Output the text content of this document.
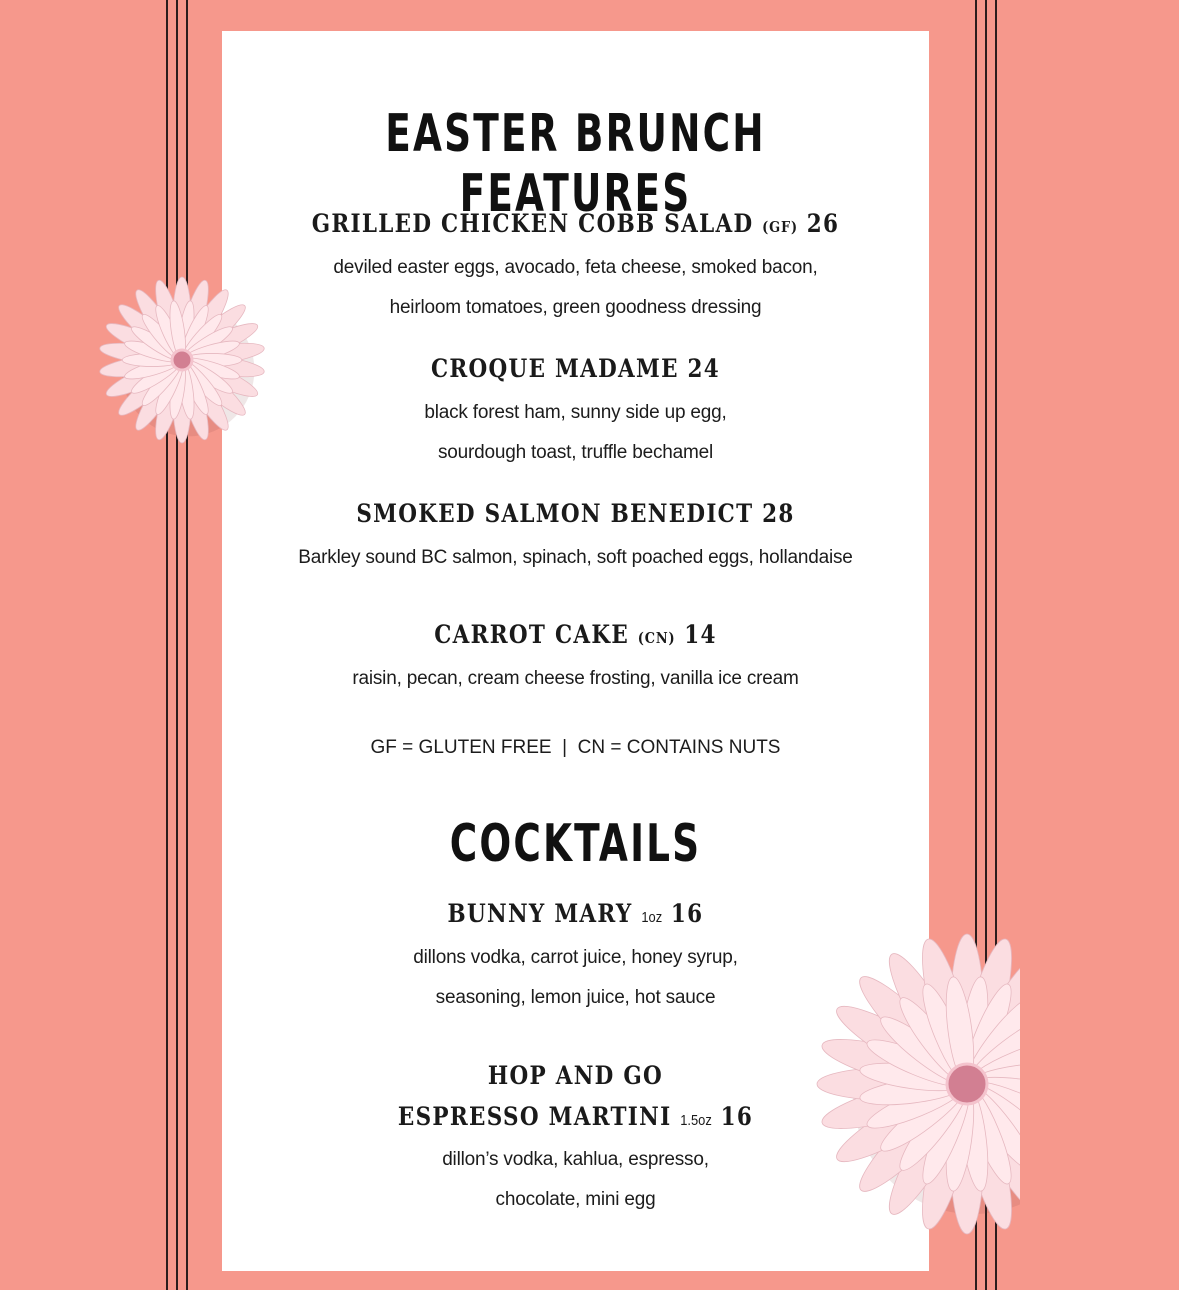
EASTER BRUNCH FEATURES
GRILLED CHICKEN COBB SALAD (GF) 26
deviled easter eggs, avocado, feta cheese, smoked bacon,
heirloom tomatoes, green goodness dressing
CROQUE MADAME 24
black forest ham, sunny side up egg,
sourdough toast, truffle bechamel
SMOKED SALMON BENEDICT 28
Barkley sound BC salmon, spinach, soft poached eggs, hollandaise
CARROT CAKE (CN) 14
raisin, pecan, cream cheese frosting, vanilla ice cream
GF = GLUTEN FREE  |  CN = CONTAINS NUTS
COCKTAILS
BUNNY MARY 1oz 16
dillons vodka, carrot juice, honey syrup,
seasoning, lemon juice, hot sauce
HOP AND GO
ESPRESSO MARTINI 1.5oz 16
dillon’s vodka, kahlua, espresso,
chocolate, mini egg
